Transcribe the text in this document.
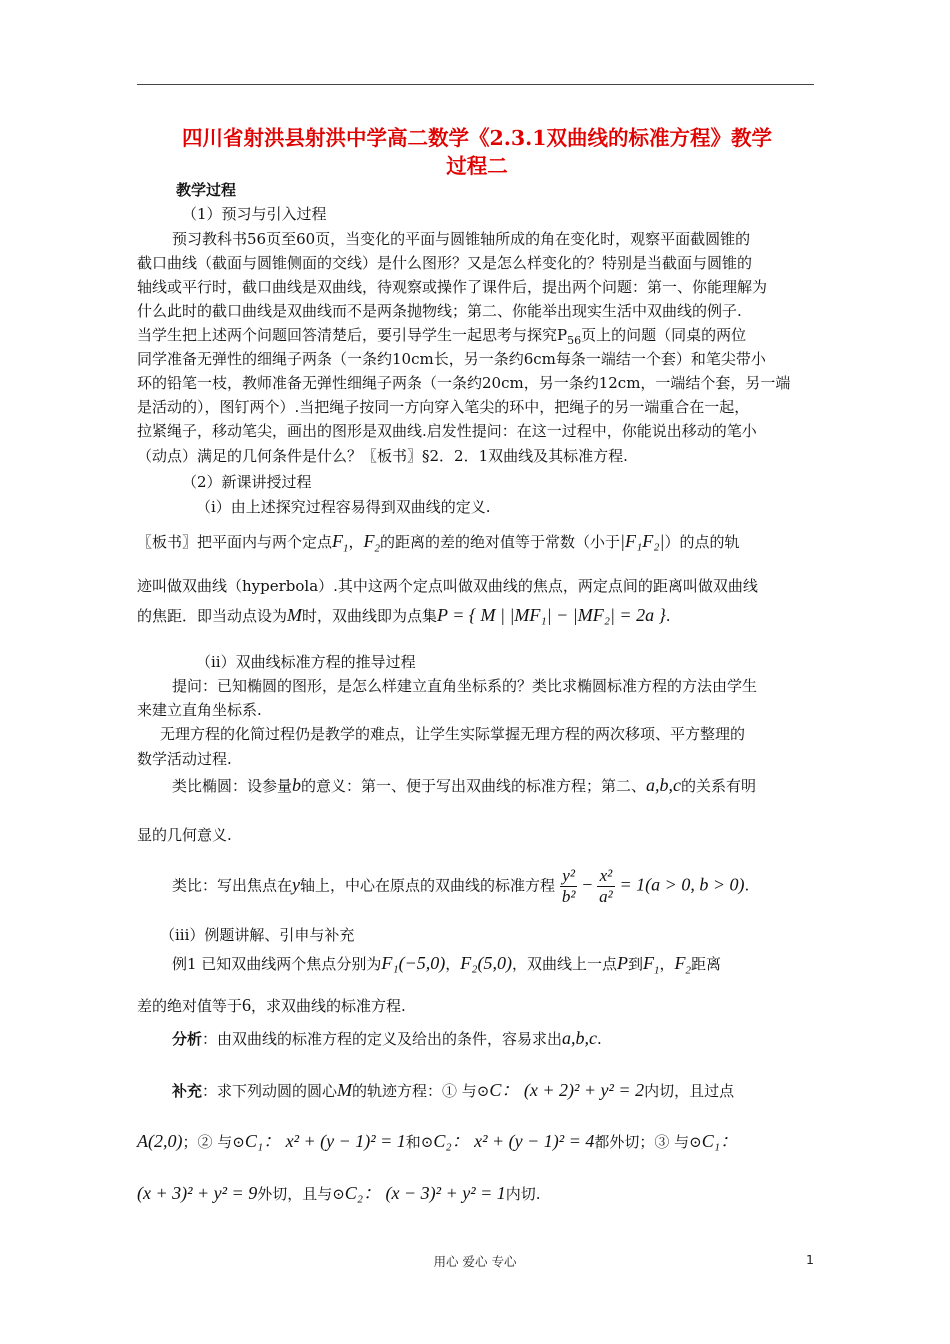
四川省射洪县射洪中学高二数学《2.3.1双曲线的标准方程》教学
过程二
教学过程
（1）预习与引入过程
预习教科书56页至60页，当变化的平面与圆锥轴所成的角在变化时，观察平面截圆锥的
截口曲线（截面与圆锥侧面的交线）是什么图形？又是怎么样变化的？特别是当截面与圆锥的
轴线或平行时，截口曲线是双曲线，待观察或操作了课件后，提出两个问题：第一、你能理解为
什么此时的截口曲线是双曲线而不是两条抛物线；第二、你能举出现实生活中双曲线的例子.
当学生把上述两个问题回答清楚后，要引导学生一起思考与探究$P_{56}$页上的问题（同桌的两位
同学准备无弹性的细绳子两条（一条约10cm长，另一条约6cm每条一端结一个套）和笔尖带小
环的铅笔一枝，教师准备无弹性细绳子两条（一条约20cm，另一条约12cm，一端结个套，另一端
是活动的），图钉两个）.当把绳子按同一方向穿入笔尖的环中，把绳子的另一端重合在一起，
拉紧绳子，移动笔尖，画出的图形是双曲线.启发性提问：在这一过程中，你能说出移动的笔小
（动点）满足的几何条件是什么？〖板书〗§2．2．1双曲线及其标准方程.
（2）新课讲授过程
（i）由上述探究过程容易得到双曲线的定义.
〖板书〗把平面内与两个定点$F_1$，$F_2$的距离的差的绝对值等于常数（小于|F₁F₂|）的点的轨
迹叫做双曲线（hyperbola）.其中这两个定点叫做双曲线的焦点，两定点间的距离叫做双曲线
的焦距．即当动点设为M时，双曲线即为点集P = { M | |MF₁| − |MF₂| = 2a }.
（ii）双曲线标准方程的推导过程
提问：已知椭圆的图形，是怎么样建立直角坐标系的？类比求椭圆标准方程的方法由学生
来建立直角坐标系.
无理方程的化简过程仍是教学的难点，让学生实际掌握无理方程的两次移项、平方整理的
数学活动过程.
类比椭圆：设参量b的意义：第一、便于写出双曲线的标准方程；第二、a,b,c的关系有明
显的几何意义.
类比：写出焦点在y轴上，中心在原点的双曲线的标准方程 $\frac{\text{y²}}{\text{b²}} - \frac{\text{x²}}{\text{a²}} = 1(a > 0$, b > 0).
（iii）例题讲解、引申与补充
例1 已知双曲线两个焦点分别为F₁(−5,0)，F₂(5,0)，双曲线上一点P到$F_1$，$F_2$距离
差的绝对值等于6，求双曲线的标准方程.
分析：由双曲线的标准方程的定义及给出的条件，容易求出a,b,c.
补充：求下列动圆的圆心M的轨迹方程：① 与⊙C： (x + 2)² + y² = 2内切，且过点
A(2,0)；② 与⊙C₁： x² + (y − 1)² = 1和⊙C₂： x² + (y − 1)² = 4都外切；③ 与⊙C₁：
(x + 3)² + y² = 9外切，且与⊙C₂： (x − 3)² + y² = 1内切.
用心 爱心 专心	1
